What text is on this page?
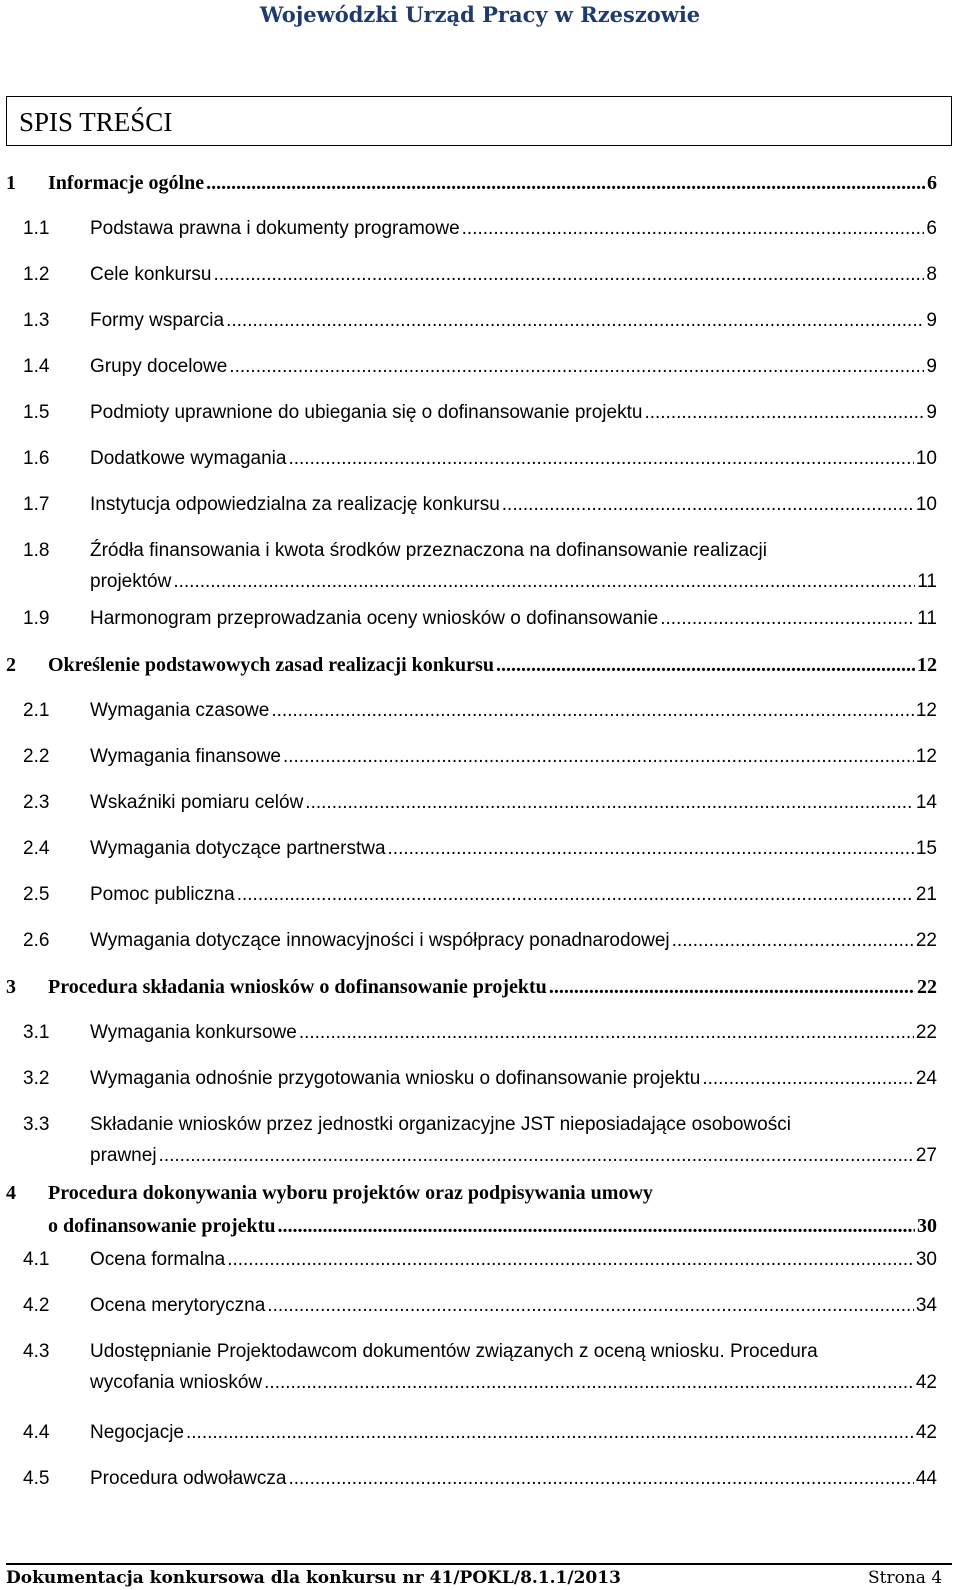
Wojewódzki Urząd Pracy w Rzeszowie
SPIS TREŚCI
1 Informacje ogólne .....	6
1.1 Podstawa prawna i dokumenty programowe .....	6
1.2 Cele konkursu .....	8
1.3 Formy wsparcia .....	9
1.4 Grupy docelowe .....	9
1.5 Podmioty uprawnione do ubiegania się o dofinansowanie projektu .....	9
1.6 Dodatkowe wymagania .....	10
1.7 Instytucja odpowiedzialna za realizację konkursu .....	10
1.8 Źródła finansowania i kwota środków przeznaczona na dofinansowanie realizacji
projektów .....	11
1.9 Harmonogram przeprowadzania oceny wniosków o dofinansowanie .....	11
2 Określenie podstawowych zasad realizacji konkursu .....	12
2.1 Wymagania czasowe .....	12
2.2 Wymagania finansowe .....	12
2.3 Wskaźniki pomiaru celów .....	14
2.4 Wymagania dotyczące partnerstwa .....	15
2.5 Pomoc publiczna .....	21
2.6 Wymagania dotyczące innowacyjności i współpracy ponadnarodowej .....	22
3 Procedura składania wniosków o dofinansowanie projektu .....	22
3.1 Wymagania konkursowe .....	22
3.2 Wymagania odnośnie przygotowania wniosku o dofinansowanie projektu .....	24
3.3 Składanie wniosków przez jednostki organizacyjne JST nieposiadające osobowości
prawnej .....	27
4 Procedura dokonywania wyboru projektów oraz podpisywania umowy
o dofinansowanie projektu .....	30
4.1 Ocena formalna .....	30
4.2 Ocena merytoryczna .....	34
4.3 Udostępnianie Projektodawcom dokumentów związanych z oceną wniosku. Procedura
wycofania wniosków .....	42
4.4 Negocjacje .....	42
4.5 Procedura odwoławcza .....	44
Dokumentacja konkursowa dla konkursu nr 41/POKL/8.1.1/2013	Strona 4
